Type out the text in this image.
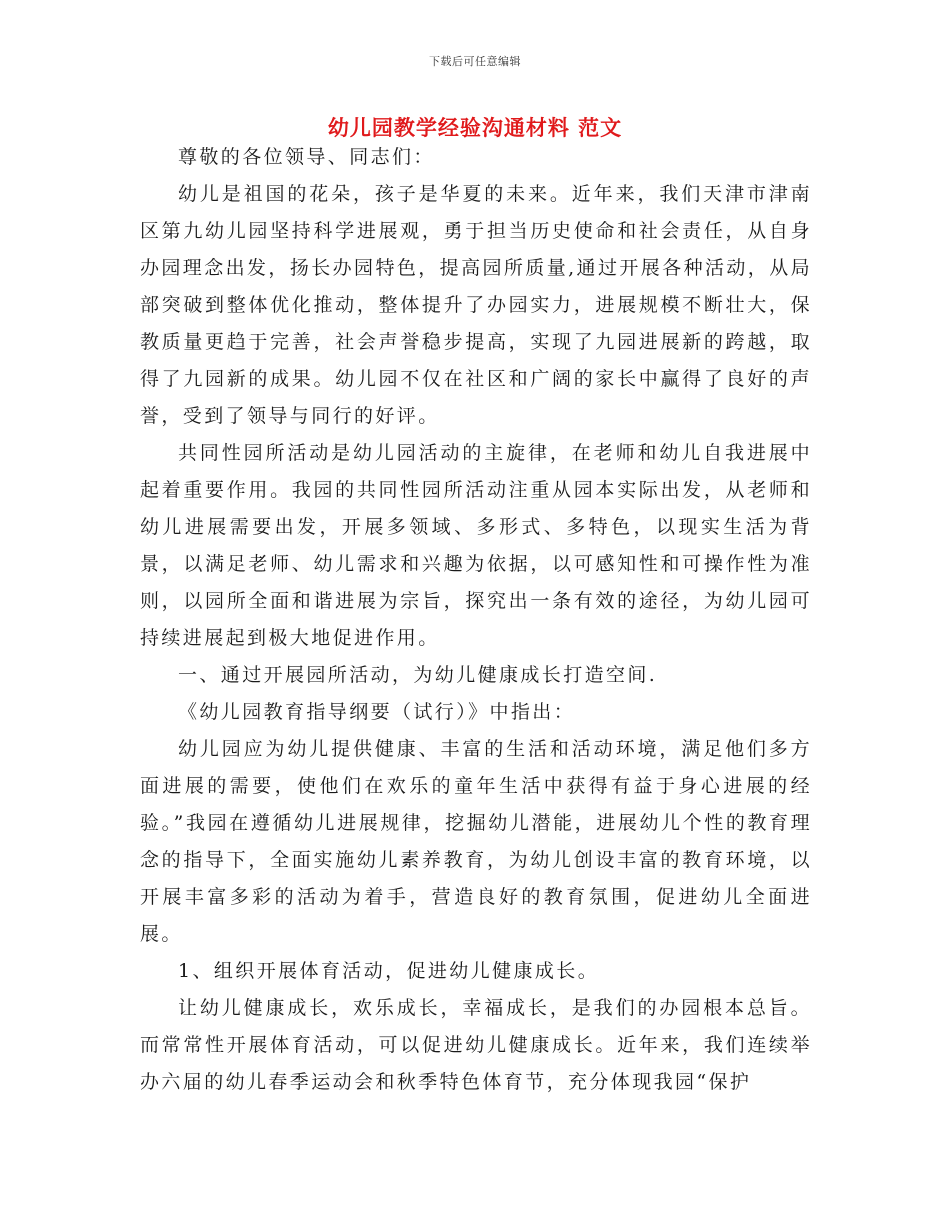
下载后可任意编辑
幼儿园教学经验沟通材料 范文

尊敬的各位领导、同志们：

幼儿是祖国的花朵，孩子是华夏的未来。近年来，我们天津市津南区第九幼儿园坚持科学进展观，勇于担当历史使命和社会责任，从自身办园理念出发，扬长办园特色，提高园所质量,通过开展各种活动，从局部突破到整体优化推动，整体提升了办园实力，进展规模不断壮大，保教质量更趋于完善，社会声誉稳步提高，实现了九园进展新的跨越，取得了九园新的成果。幼儿园不仅在社区和广阔的家长中赢得了良好的声誉，受到了领导与同行的好评。

共同性园所活动是幼儿园活动的主旋律，在老师和幼儿自我进展中起着重要作用。我园的共同性园所活动注重从园本实际出发，从老师和幼儿进展需要出发，开展多领域、多形式、多特色，以现实生活为背景，以满足老师、幼儿需求和兴趣为依据，以可感知性和可操作性为准则，以园所全面和谐进展为宗旨，探究出一条有效的途径，为幼儿园可持续进展起到极大地促进作用。

一、通过开展园所活动，为幼儿健康成长打造空间.

《幼儿园教育指导纲要（试行）》中指出：

幼儿园应为幼儿提供健康、丰富的生活和活动环境，满足他们多方面进展的需要，使他们在欢乐的童年生活中获得有益于身心进展的经验。”我园在遵循幼儿进展规律，挖掘幼儿潜能，进展幼儿个性的教育理念的指导下，全面实施幼儿素养教育，为幼儿创设丰富的教育环境，以开展丰富多彩的活动为着手，营造良好的教育氛围，促进幼儿全面进展。

1、组织开展体育活动，促进幼儿健康成长。

让幼儿健康成长，欢乐成长，幸福成长，是我们的办园根本总旨。而常常性开展体育活动，可以促进幼儿健康成长。近年来，我们连续举办六届的幼儿春季运动会和秋季特色体育节，充分体现我园“保护
